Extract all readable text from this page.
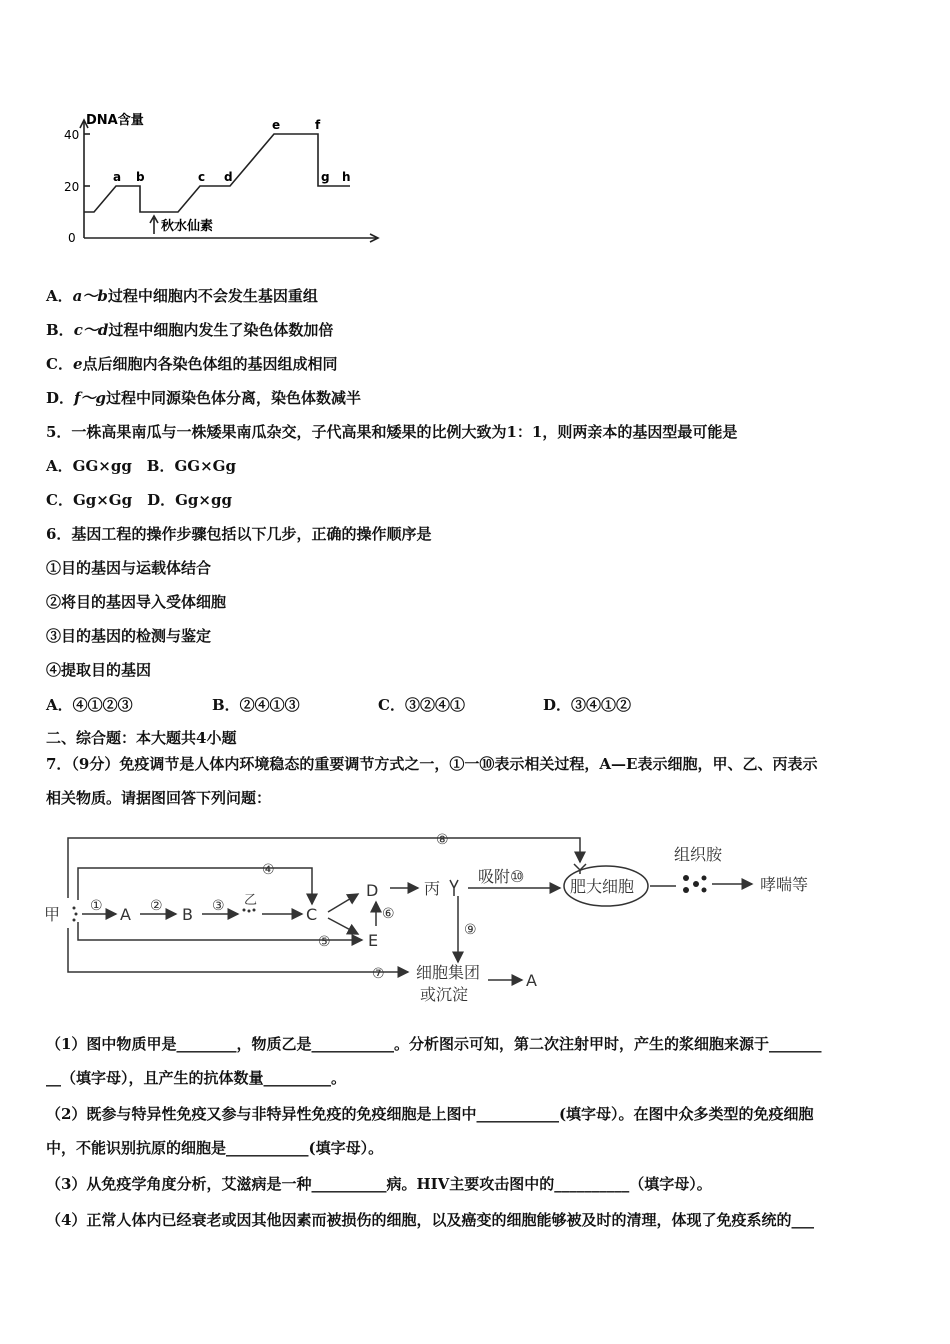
DNA含量
40
20
0
a b	c d
e	f
g h
秋水仙素
A．a～b过程中细胞内不会发生基因重组
B．c～d过程中细胞内发生了染色体数加倍
C．e点后细胞内各染色体组的基因组成相同
D．f～g过程中同源染色体分离，染色体数减半
5．一株高果南瓜与一株矮果南瓜杂交，子代高果和矮果的比例大致为1：1，则两亲本的基因型最可能是
A．GG×gg　B．GG×Gg
C．Gg×Gg　D．Gg×gg
6．基因工程的操作步骤包括以下几步，正确的操作顺序是
①目的基因与运载体结合
②将目的基因导入受体细胞
③目的基因的检测与鉴定
④提取目的基因
A．④①②③	B．②④①③	C．③②④①	D．③④①②
二、综合题：本大题共4小题
7．（9分）免疫调节是人体内环境稳态的重要调节方式之一，①一⑩表示相关过程，A—E表示细胞，甲、乙、丙表示
相关物质。请据图回答下列问题：
甲	A	B
乙
C
D
E
丙
A
吸附⑩
肥大细胞
组织胺
哮喘等
细胞集团
或沉淀
①	②	③
④
⑤
⑥
⑦
⑧
⑨
（1）图中物质甲是________，物质乙是___________。分析图示可知，第二次注射甲时，产生的浆细胞来源于_______
__（填字母），且产生的抗体数量_________。
（2）既参与特异性免疫又参与非特异性免疫的免疫细胞是上图中___________(填字母）。在图中众多类型的免疫细胞
中，不能识别抗原的细胞是___________(填字母）。
（3）从免疫学角度分析，艾滋病是一种__________病。HIV主要攻击图中的__________（填字母）。
（4）正常人体内已经衰老或因其他因素而被损伤的细胞，以及癌变的细胞能够被及时的清理，体现了免疫系统的___
